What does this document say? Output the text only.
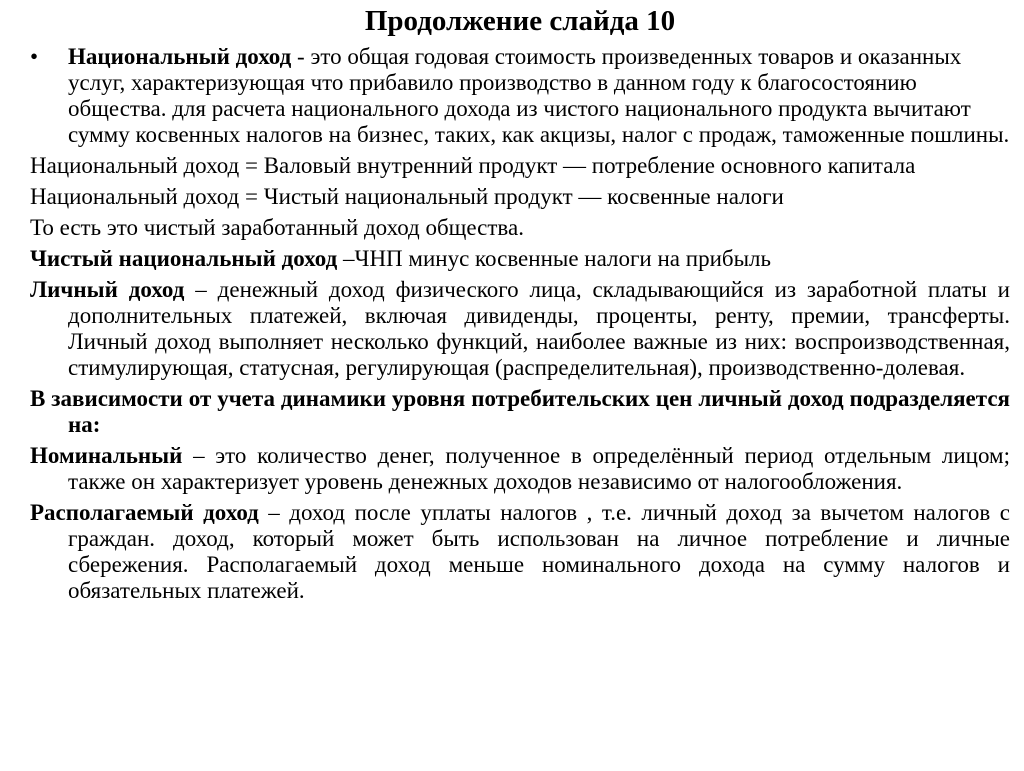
Продолжение слайда 10

•	Национальный доход - это общая годовая стоимость произведенных товаров и оказанных услуг, характеризующая что прибавило производство в данном году к благосостоянию общества. для расчета национального дохода из чистого национального продукта вычитают сумму косвенных налогов на бизнес, таких, как акцизы, налог с продаж, таможенные пошлины.

Национальный доход = Валовый внутренний продукт — потребление основного капитала

Национальный доход = Чистый национальный продукт — косвенные налоги

То есть это чистый заработанный доход общества.

Чистый национальный доход –ЧНП минус косвенные налоги на прибыль

Личный доход – денежный доход физического лица, складывающийся из заработной платы и дополнительных платежей, включая дивиденды, проценты, ренту, премии, трансферты. Личный доход выполняет несколько функций, наиболее важные из них: воспроизводственная, стимулирующая, статусная, регулирующая (распределительная), производственно-долевая.

В зависимости от учета динамики уровня потребительских цен личный доход подразделяется на:

Номинальный – это количество денег, полученное в определённый период отдельным лицом; также он характеризует уровень денежных доходов независимо от налогообложения.

Располагаемый доход – доход после уплаты налогов , т.е. личный доход за вычетом налогов с граждан. доход, который может быть использован на личное потребление и личные сбережения. Располагаемый доход меньше номинального дохода на сумму налогов и обязательных платежей.
